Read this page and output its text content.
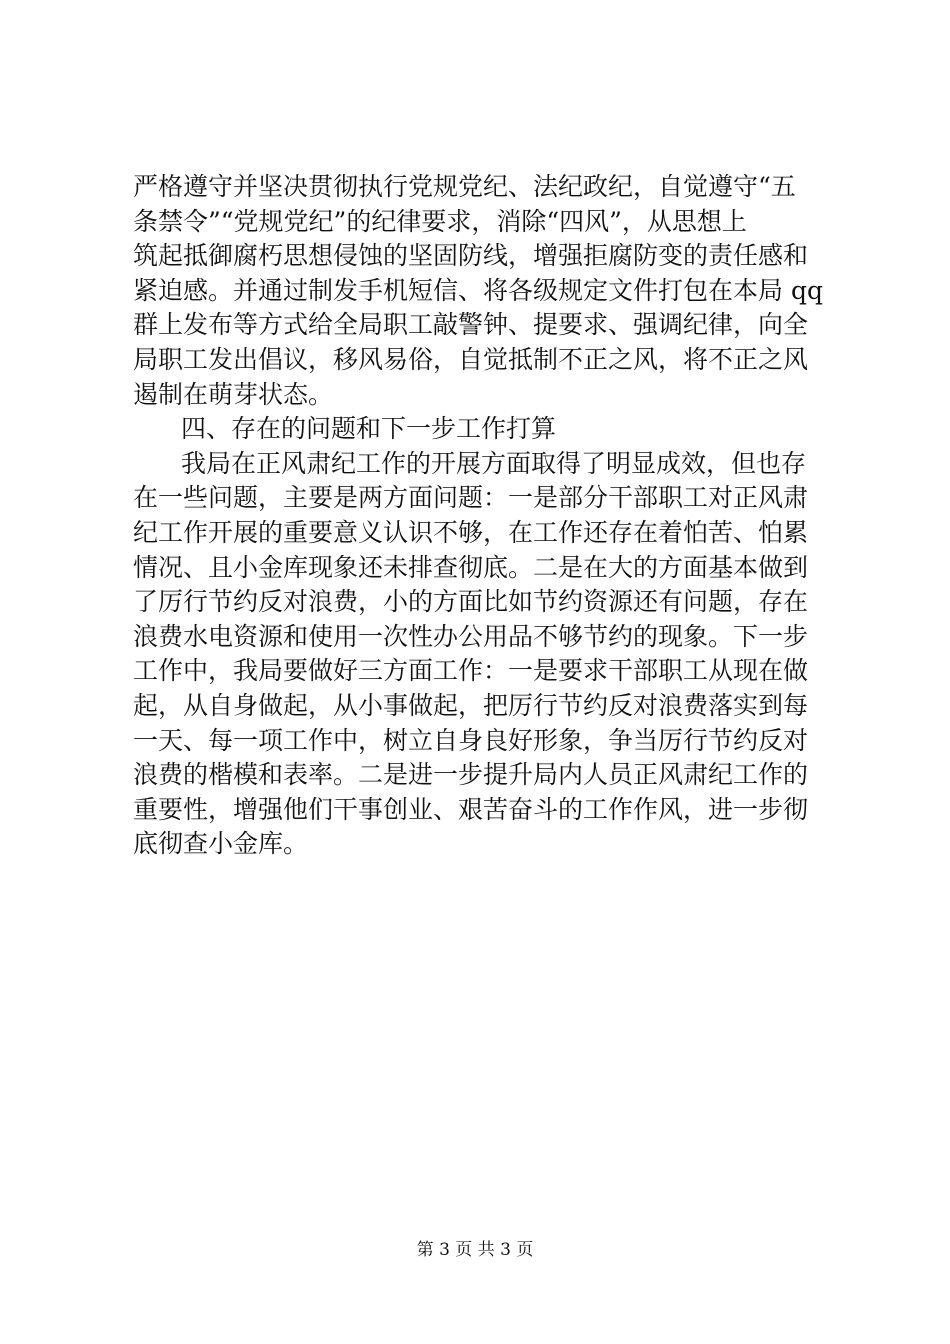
严格遵守并坚决贯彻执行党规党纪、法纪政纪，自觉遵守“五
条禁令”“党规党纪”的纪律要求，消除“四风”，从思想上
筑起抵御腐朽思想侵蚀的坚固防线，增强拒腐防变的责任感和
紧迫感。并通过制发手机短信、将各级规定文件打包在本局 qq
群上发布等方式给全局职工敲警钟、提要求、强调纪律，向全
局职工发出倡议，移风易俗，自觉抵制不正之风，将不正之风
遏制在萌芽状态。
四、存在的问题和下一步工作打算
我局在正风肃纪工作的开展方面取得了明显成效，但也存
在一些问题，主要是两方面问题：一是部分干部职工对正风肃
纪工作开展的重要意义认识不够，在工作还存在着怕苦、怕累
情况、且小金库现象还未排查彻底。二是在大的方面基本做到
了厉行节约反对浪费，小的方面比如节约资源还有问题，存在
浪费水电资源和使用一次性办公用品不够节约的现象。下一步
工作中，我局要做好三方面工作：一是要求干部职工从现在做
起，从自身做起，从小事做起，把厉行节约反对浪费落实到每
一天、每一项工作中，树立自身良好形象，争当厉行节约反对
浪费的楷模和表率。二是进一步提升局内人员正风肃纪工作的
重要性，增强他们干事创业、艰苦奋斗的工作作风，进一步彻
底彻查小金库。
第 3 页 共 3 页
